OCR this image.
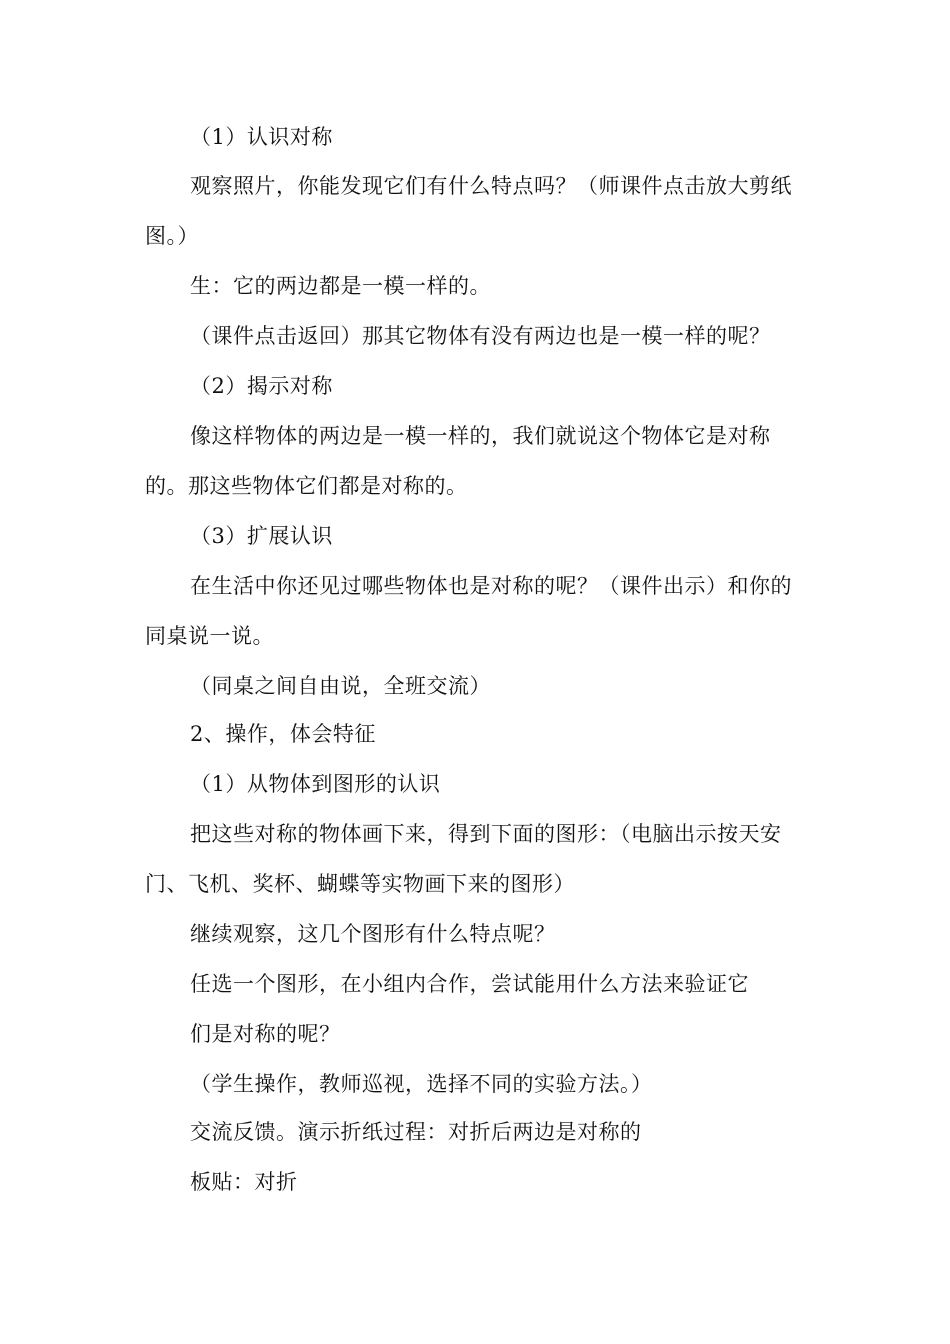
（1）认识对称
观察照片，你能发现它们有什么特点吗？（师课件点击放大剪纸
图。）
生：它的两边都是一模一样的。
（课件点击返回）那其它物体有没有两边也是一模一样的呢？
（2）揭示对称
像这样物体的两边是一模一样的，我们就说这个物体它是对称
的。那这些物体它们都是对称的。
（3）扩展认识
在生活中你还见过哪些物体也是对称的呢？（课件出示）和你的
同桌说一说。
（同桌之间自由说，全班交流）
2、操作，体会特征
（1）从物体到图形的认识
把这些对称的物体画下来，得到下面的图形：（电脑出示按天安
门、飞机、奖杯、蝴蝶等实物画下来的图形）
继续观察，这几个图形有什么特点呢？
任选一个图形，在小组内合作，尝试能用什么方法来验证它
们是对称的呢？
（学生操作，教师巡视，选择不同的实验方法。）
交流反馈。演示折纸过程：对折后两边是对称的
板贴：对折
